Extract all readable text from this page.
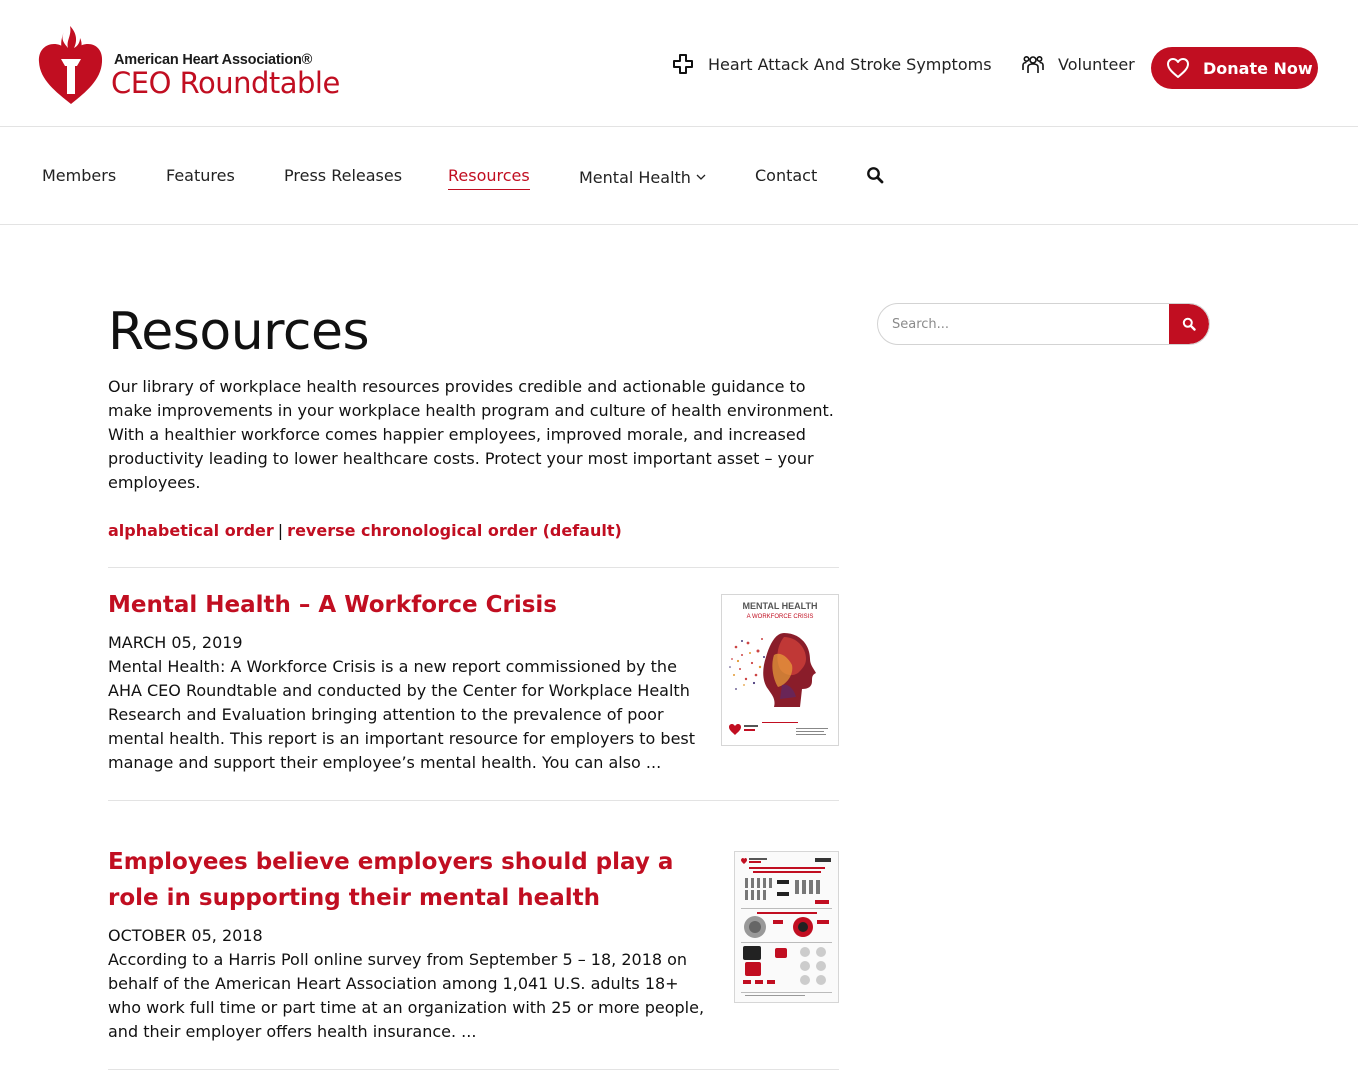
American Heart Association®
CEO Roundtable
Heart Attack And Stroke Symptoms	Volunteer	Donate Now
Members	Features	Press Releases	Resources	Mental Health	Contact
Resources

Our library of workplace health resources provides credible and actionable guidance to make improvements in your workplace health program and culture of health environment. With a healthier workforce comes happier employees, improved morale, and increased productivity leading to lower healthcare costs. Protect your most important asset – your employees.

alphabetical order | reverse chronological order (default)
Mental Health – A Workforce Crisis
MARCH 05, 2019

Mental Health: A Workforce Crisis is a new report commissioned by the AHA CEO Roundtable and conducted by the Center for Workplace Health Research and Evaluation bringing attention to the prevalence of poor mental health. This report is an important resource for employers to best manage and support their employee’s mental health. You can also ...

MENTAL HEALTH
A WORKFORCE CRISIS
Employees believe employers should play a role in supporting their mental health
OCTOBER 05, 2018

According to a Harris Poll online survey from September 5 – 18, 2018 on behalf of the American Heart Association among 1,041 U.S. adults 18+ who work full time or part time at an organization with 25 or more people, and their employer offers health insurance. ...

Search...
